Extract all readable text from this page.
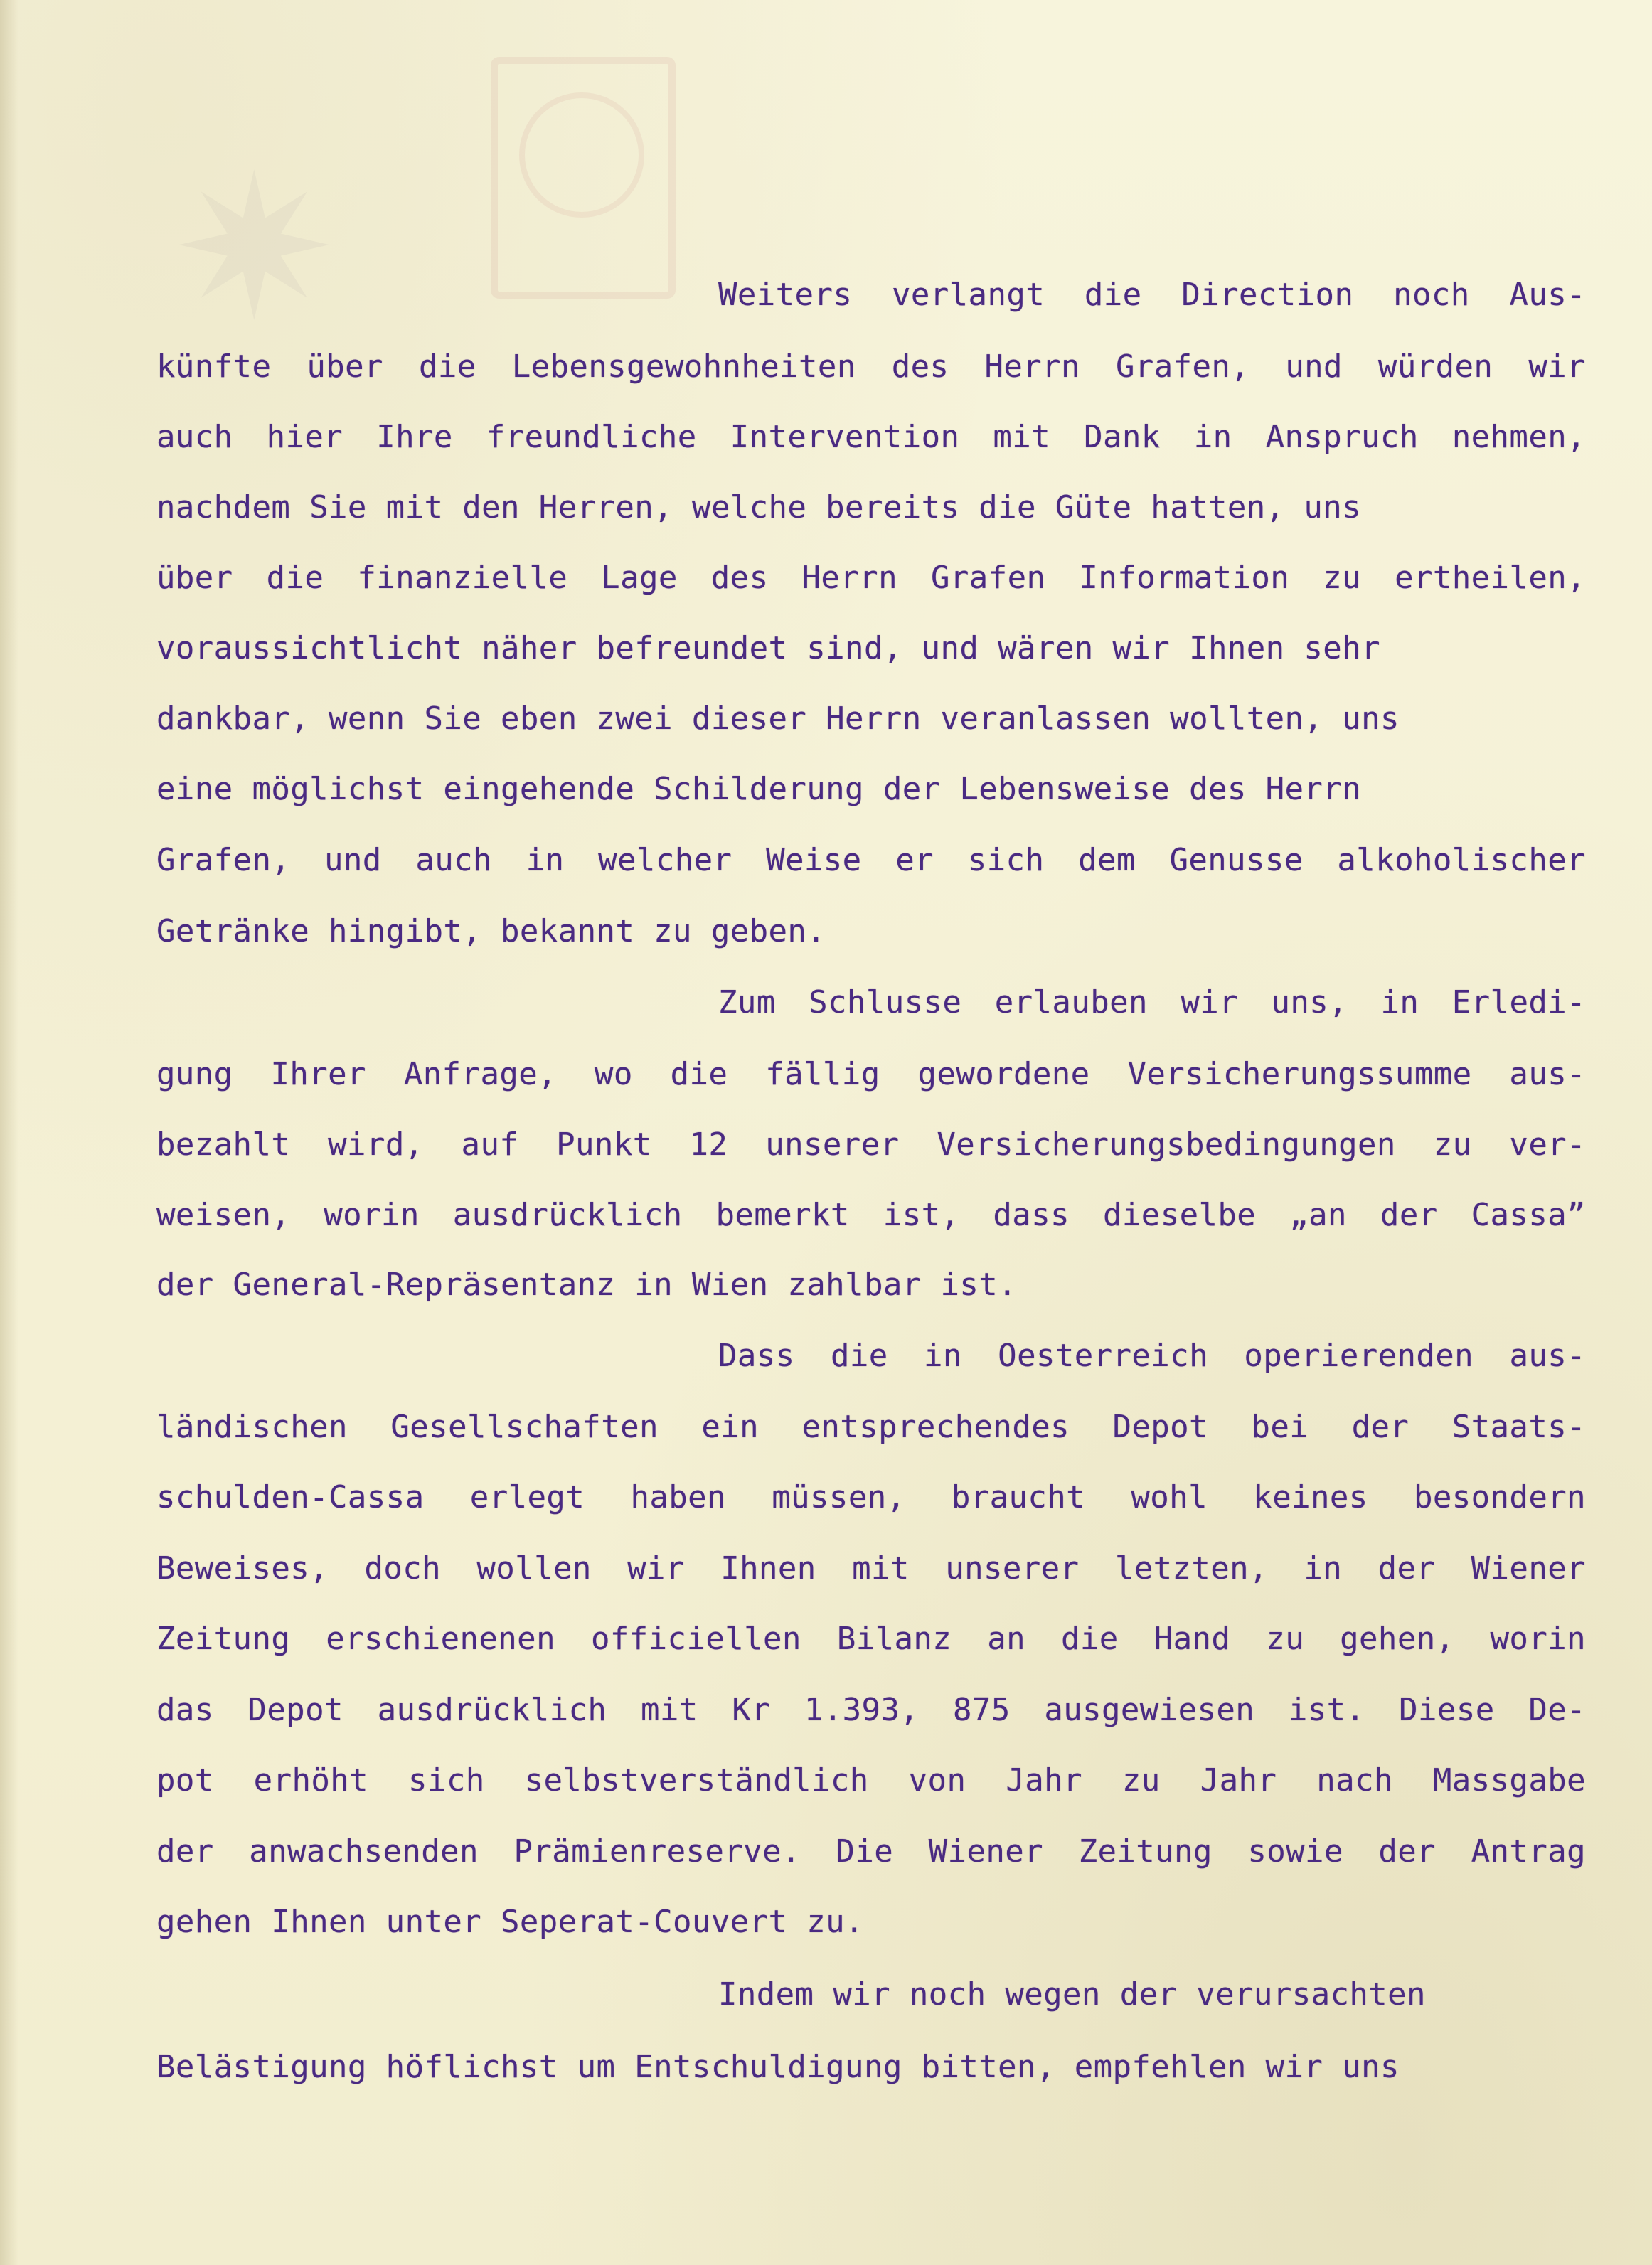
✷	Weiters verlangt die Direction noch Aus-
künfte über die Lebensgewohnheiten des Herrn Grafen, und würden wir
auch hier Ihre freundliche Intervention mit Dank in Anspruch nehmen,
nachdem Sie mit den Herren, welche bereits die Güte hatten, uns
über die finanzielle Lage des Herrn Grafen Information zu ertheilen,
voraussichtlicht näher befreundet sind, und wären wir Ihnen sehr
dankbar, wenn Sie eben zwei dieser Herrn veranlassen wollten, uns
eine möglichst eingehende Schilderung der Lebensweise des Herrn
Grafen, und auch in welcher Weise er sich dem Genusse alkoholischer
Getränke hingibt, bekannt zu geben.
Zum Schlusse erlauben wir uns, in Erledi-
gung Ihrer Anfrage, wo die fällig gewordene Versicherungssumme aus-
bezahlt wird, auf Punkt 12 unserer Versicherungsbedingungen zu ver-
weisen, worin ausdrücklich bemerkt ist, dass dieselbe „an der Cassa”
der General-Repräsentanz in Wien zahlbar ist.
Dass die in Oesterreich operierenden aus-
ländischen Gesellschaften ein entsprechendes Depot bei der Staats-
schulden-Cassa erlegt haben müssen, braucht wohl keines besondern
Beweises, doch wollen wir Ihnen mit unserer letzten, in der Wiener
Zeitung erschienenen officiellen Bilanz an die Hand zu gehen, worin
das Depot ausdrücklich mit Kr 1.393, 875 ausgewiesen ist. Diese De-
pot erhöht sich selbstverständlich von Jahr zu Jahr nach Massgabe
der anwachsenden Prämienreserve. Die Wiener Zeitung sowie der Antrag
gehen Ihnen unter Seperat-Couvert zu.
Indem wir noch wegen der verursachten
Belästigung höflichst um Entschuldigung bitten, empfehlen wir uns
